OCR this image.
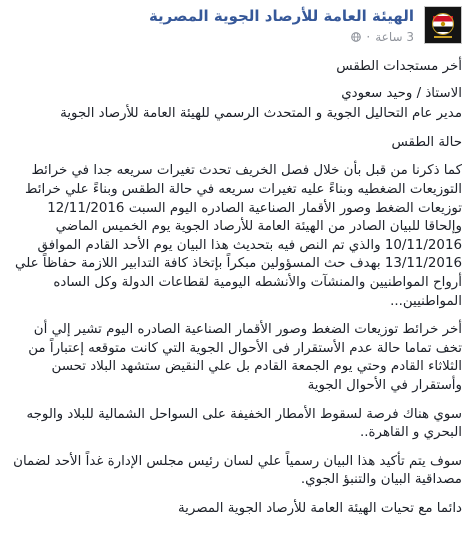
الهيئة العامة للأرصاد الجوية المصرية
3 ساعة
·

أخر مستجدات الطقس

الاستاذ / وحيد سعودي

مدير عام التحاليل الجوية و المتحدث الرسمي للهيئة العامة للأرصاد الجوية

حالة الطقس

كما ذكرنا من قبل بأن خلال فصل الخريف تحدث تغيرات سريعه جدا في خرائط التوزيعات الضغطيه وبناءً عليه تغيرات سريعه في حالة الطقس وبناءً علي خرائط توزيعات الضغط وصور الأقمار الصناعية الصادره اليوم السبت 12/11/2016 وإلحاقا للبيان الصادر من الهيئة العامة للأرصاد الجوية يوم الخميس الماضي 10/11/2016 والذي تم النص فيه بتحديث هذا البيان يوم الأحد القادم الموافق 13/11/2016 بهدف حث المسؤولين مبكراً بإتخاذ كافة التدابير اللازمة حفاظاً علي أرواح المواطنيين والمنشآت والأنشطه اليومية لقطاعات الدولة وكل الساده المواطنيين...

أخر خرائط توزيعات الضغط وصور الأقمار الصناعية الصادره اليوم تشير إلي أن تخف تماما حالة عدم الأستقرار فى الأحوال الجوية التي كانت متوقعه إعتباراً من الثلاثاء القادم وحتي يوم الجمعة القادم بل علي النقيض ستشهد البلاد تحسن وأستقرار في الأحوال الجوية

سوي هناك فرصة لسقوط الأمطار الخفيفة على السواحل الشمالية للبلاد والوجه البحري و القاهرة..

سوف يتم تأكيد هذا البيان رسمياً علي لسان رئيس مجلس الإدارة غداً الأحد لضمان مصداقية البيان والتنبؤ الجوي.

دائما مع تحيات الهيئة العامة للأرصاد الجوية المصرية
